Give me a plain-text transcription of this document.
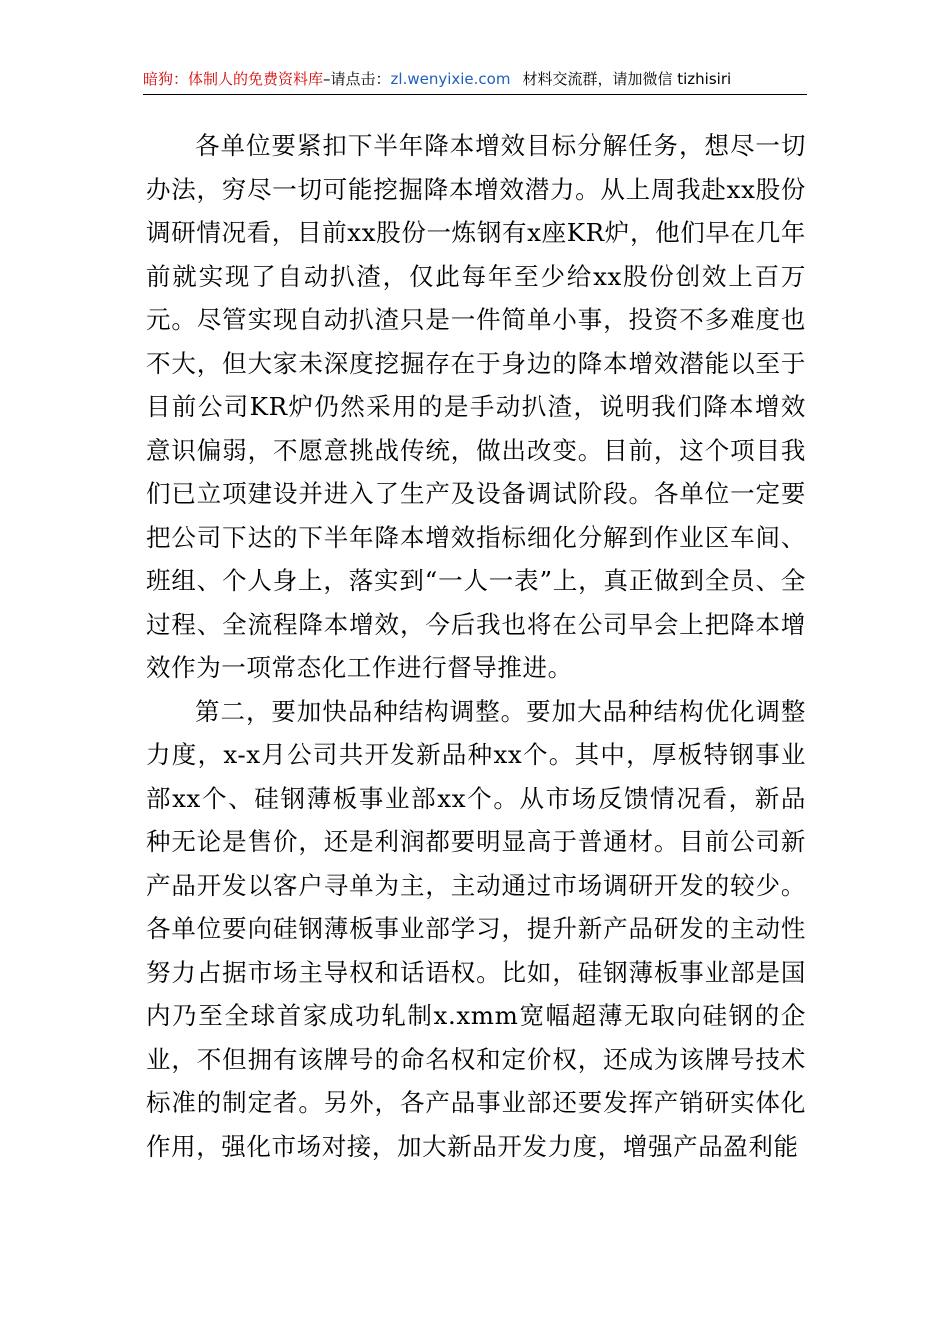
暗狗：体制人的免费资料库–请点击：zl.wenyixie.com 材料交流群，请加微信 tizhisiri

各单位要紧扣下半年降本增效目标分解任务，想尽一切办法，穷尽一切可能挖掘降本增效潜力。从上周我赴xx股份调研情况看，目前xx股份一炼钢有x座KR炉，他们早在几年前就实现了自动扒渣，仅此每年至少给xx股份创效上百万元。尽管实现自动扒渣只是一件简单小事，投资不多难度也不大，但大家未深度挖掘存在于身边的降本增效潜能以至于目前公司KR炉仍然采用的是手动扒渣，说明我们降本增效意识偏弱，不愿意挑战传统，做出改变。目前，这个项目我们已立项建设并进入了生产及设备调试阶段。各单位一定要把公司下达的下半年降本增效指标细化分解到作业区车间、班组、个人身上，落实到“一人一表”上，真正做到全员、全过程、全流程降本增效，今后我也将在公司早会上把降本增效作为一项常态化工作进行督导推进。

第二，要加快品种结构调整。要加大品种结构优化调整力度，x-x月公司共开发新品种xx个。其中，厚板特钢事业部xx个、硅钢薄板事业部xx个。从市场反馈情况看，新品种无论是售价，还是利润都要明显高于普通材。目前公司新产品开发以客户寻单为主，主动通过市场调研开发的较少。各单位要向硅钢薄板事业部学习，提升新产品研发的主动性努力占据市场主导权和话语权。比如，硅钢薄板事业部是国内乃至全球首家成功轧制x.xmm宽幅超薄无取向硅钢的企业，不但拥有该牌号的命名权和定价权，还成为该牌号技术标准的制定者。另外，各产品事业部还要发挥产销研实体化作用，强化市场对接，加大新品开发力度，增强产品盈利能
